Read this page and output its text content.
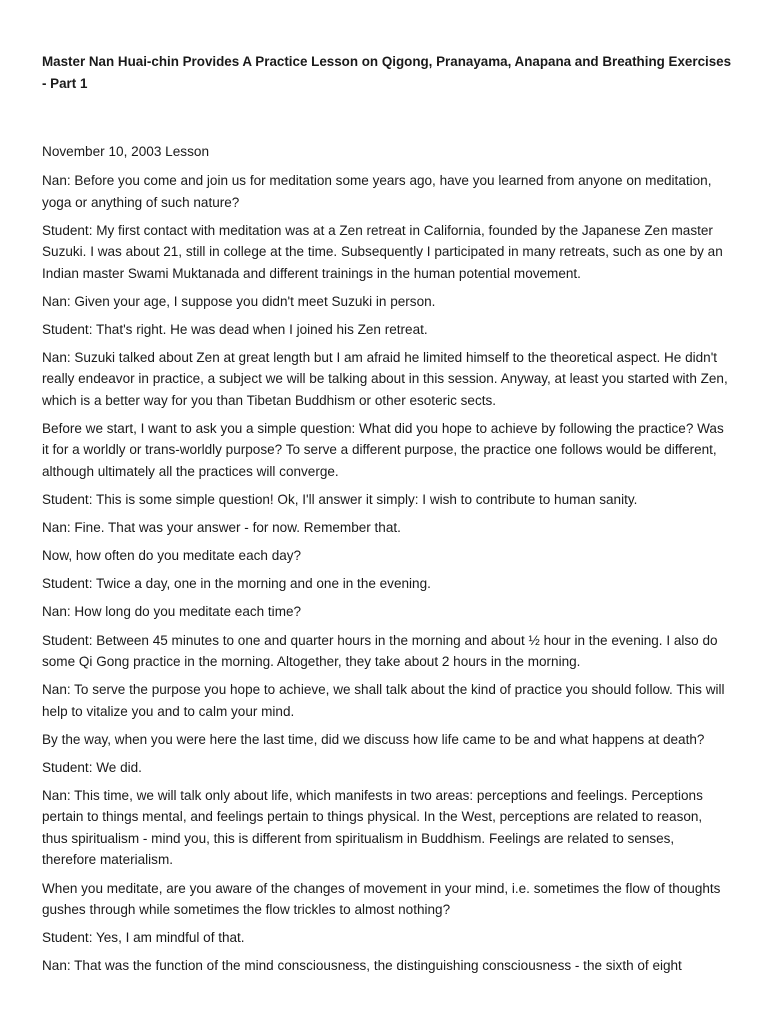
Master Nan Huai-chin Provides A Practice Lesson on Qigong, Pranayama, Anapana and Breathing Exercises - Part 1

November 10, 2003 Lesson

Nan: Before you come and join us for meditation some years ago, have you learned from anyone on meditation, yoga or anything of such nature?

Student: My first contact with meditation was at a Zen retreat in California, founded by the Japanese Zen master Suzuki. I was about 21, still in college at the time. Subsequently I participated in many retreats, such as one by an Indian master Swami Muktanada and different trainings in the human potential movement.

Nan: Given your age, I suppose you didn't meet Suzuki in person.

Student: That's right. He was dead when I joined his Zen retreat.

Nan: Suzuki talked about Zen at great length but I am afraid he limited himself to the theoretical aspect. He didn't really endeavor in practice, a subject we will be talking about in this session. Anyway, at least you started with Zen, which is a better way for you than Tibetan Buddhism or other esoteric sects.

Before we start, I want to ask you a simple question: What did you hope to achieve by following the practice? Was it for a worldly or trans-worldly purpose? To serve a different purpose, the practice one follows would be different, although ultimately all the practices will converge.

Student: This is some simple question! Ok, I'll answer it simply: I wish to contribute to human sanity.

Nan: Fine. That was your answer - for now. Remember that.

Now, how often do you meditate each day?

Student: Twice a day, one in the morning and one in the evening.

Nan: How long do you meditate each time?

Student: Between 45 minutes to one and quarter hours in the morning and about ½ hour in the evening. I also do some Qi Gong practice in the morning. Altogether, they take about 2 hours in the morning.

Nan: To serve the purpose you hope to achieve, we shall talk about the kind of practice you should follow. This will help to vitalize you and to calm your mind.

By the way, when you were here the last time, did we discuss how life came to be and what happens at death?

Student: We did.

Nan: This time, we will talk only about life, which manifests in two areas: perceptions and feelings. Perceptions pertain to things mental, and feelings pertain to things physical. In the West, perceptions are related to reason, thus spiritualism - mind you, this is different from spiritualism in Buddhism. Feelings are related to senses, therefore materialism.

When you meditate, are you aware of the changes of movement in your mind, i.e. sometimes the flow of thoughts gushes through while sometimes the flow trickles to almost nothing?

Student: Yes, I am mindful of that.

Nan: That was the function of the mind consciousness, the distinguishing consciousness - the sixth of eight
